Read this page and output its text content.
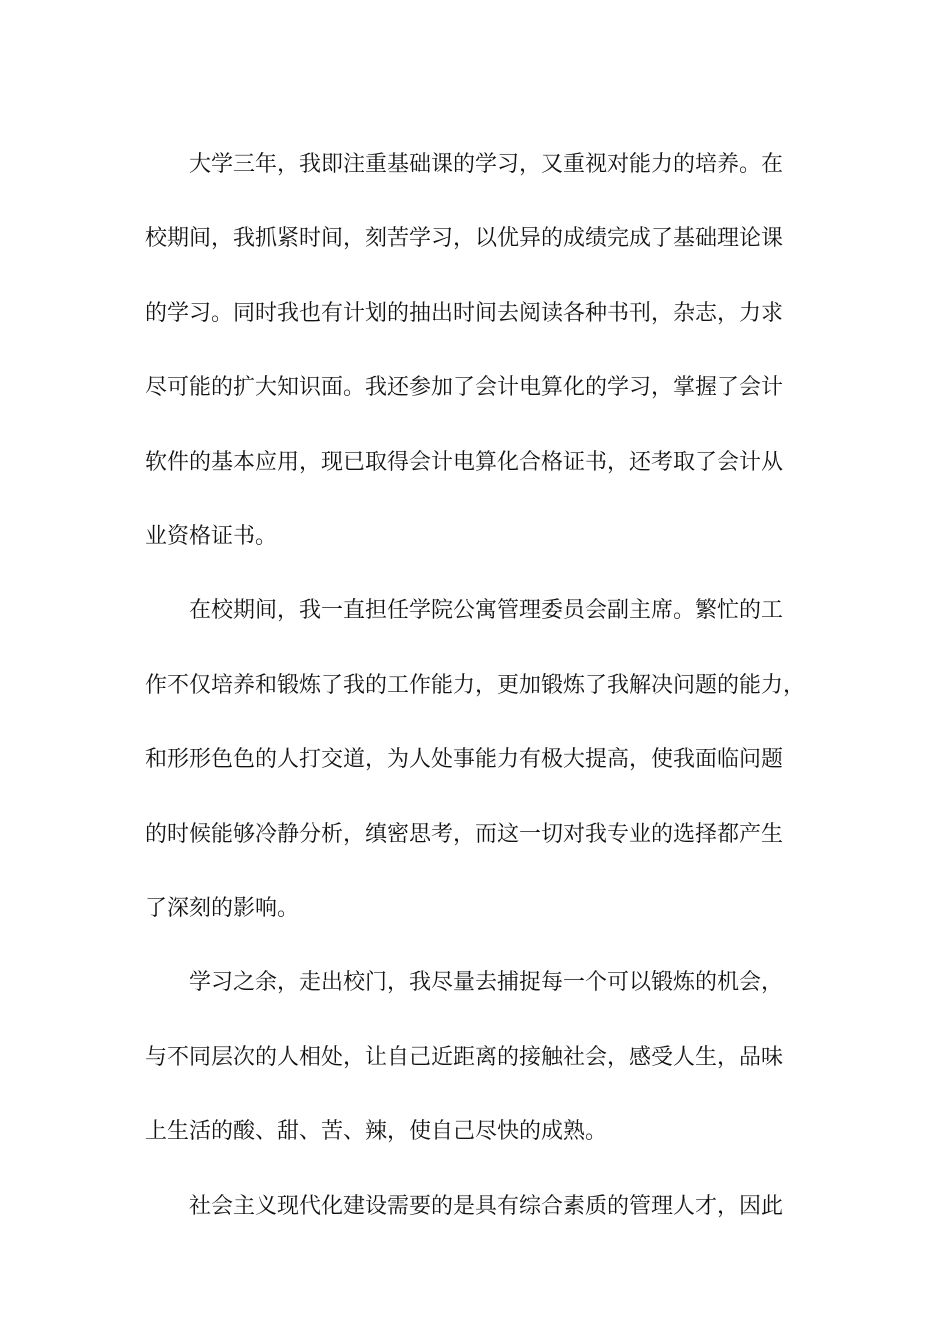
大学三年，我即注重基础课的学习，又重视对能力的培养。在
校期间，我抓紧时间，刻苦学习，以优异的成绩完成了基础理论课
的学习。同时我也有计划的抽出时间去阅读各种书刊，杂志，力求
尽可能的扩大知识面。我还参加了会计电算化的学习，掌握了会计
软件的基本应用，现已取得会计电算化合格证书，还考取了会计从
业资格证书。
在校期间，我一直担任学院公寓管理委员会副主席。繁忙的工
作不仅培养和锻炼了我的工作能力，更加锻炼了我解决问题的能力，
和形形色色的人打交道，为人处事能力有极大提高，使我面临问题
的时候能够冷静分析，缜密思考，而这一切对我专业的选择都产生
了深刻的影响。
学习之余，走出校门，我尽量去捕捉每一个可以锻炼的机会，
与不同层次的人相处，让自己近距离的接触社会，感受人生，品味
上生活的酸、甜、苦、辣，使自己尽快的成熟。
社会主义现代化建设需要的是具有综合素质的管理人才，因此
